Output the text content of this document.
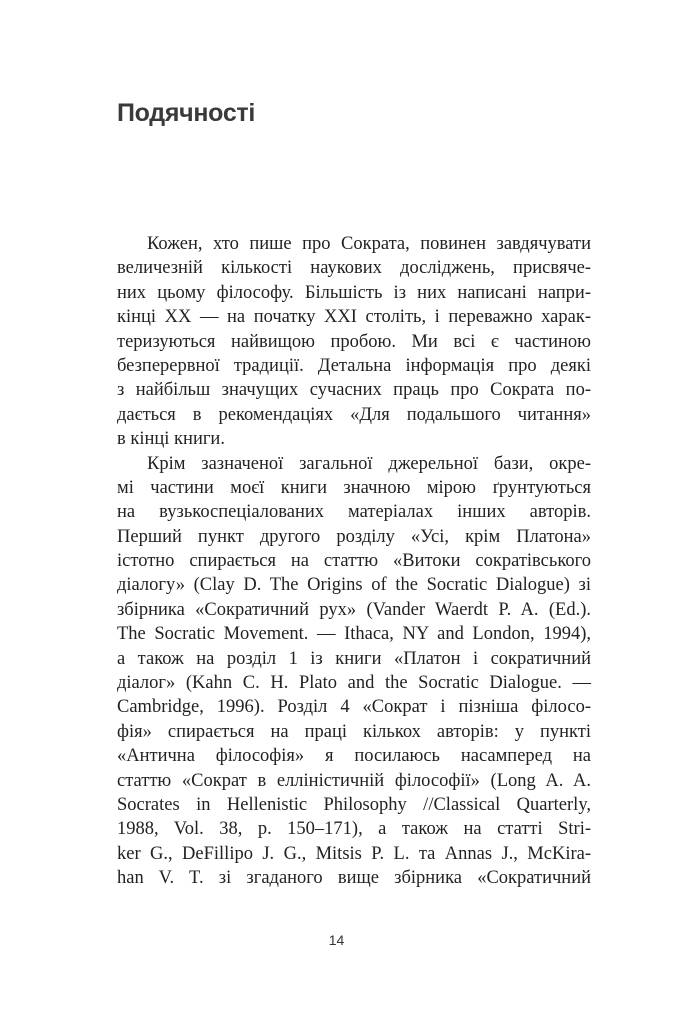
Подячності
Кожен, хто пише про Сократа, повинен завдячувати
величезній кількості наукових досліджень, присвяче-
них цьому філософу. Більшість із них написані напри-
кінці XX — на початку XXI століть, і переважно харак-
теризуються найвищою пробою. Ми всі є частиною
безперервної традиції. Детальна інформація про деякі
з найбільш значущих сучасних праць про Сократа по-
дається в рекомендаціях «Для подальшого читання»
в кінці книги.
Крім зазначеної загальної джерельної бази, окре-
мі частини моєї книги значною мірою ґрунтуються
на вузькоспеціалованих матеріалах інших авторів.
Перший пункт другого розділу «Усі, крім Платона»
істотно спирається на статтю «Витоки сократівського
діалогу» (Clay D. The Origins of the Socratic Dialogue) зі
збірника «Сократичний рух» (Vander Waerdt P. A. (Ed.).
The Socratic Movement. — Ithaca, NY and London, 1994),
а також на розділ 1 із книги «Платон і сократичний
діалог» (Kahn C. H. Plato and the Socratic Dialogue. —
Cambridge, 1996). Розділ 4 «Сократ і пізніша філосо-
фія» спирається на праці кількох авторів: у пункті
«Антична філософія» я посилаюсь насамперед на
статтю «Сократ в елліністичній філософії» (Long A. A.
Socrates in Hellenistic Philosophy //Classical Quarterly,
1988, Vol. 38, p. 150–171), а також на статті Stri-
ker G., DeFillipo J. G., Mitsis P. L. та Annas J., McKira-
han V. T. зі згаданого вище збірника «Сократичний
14
